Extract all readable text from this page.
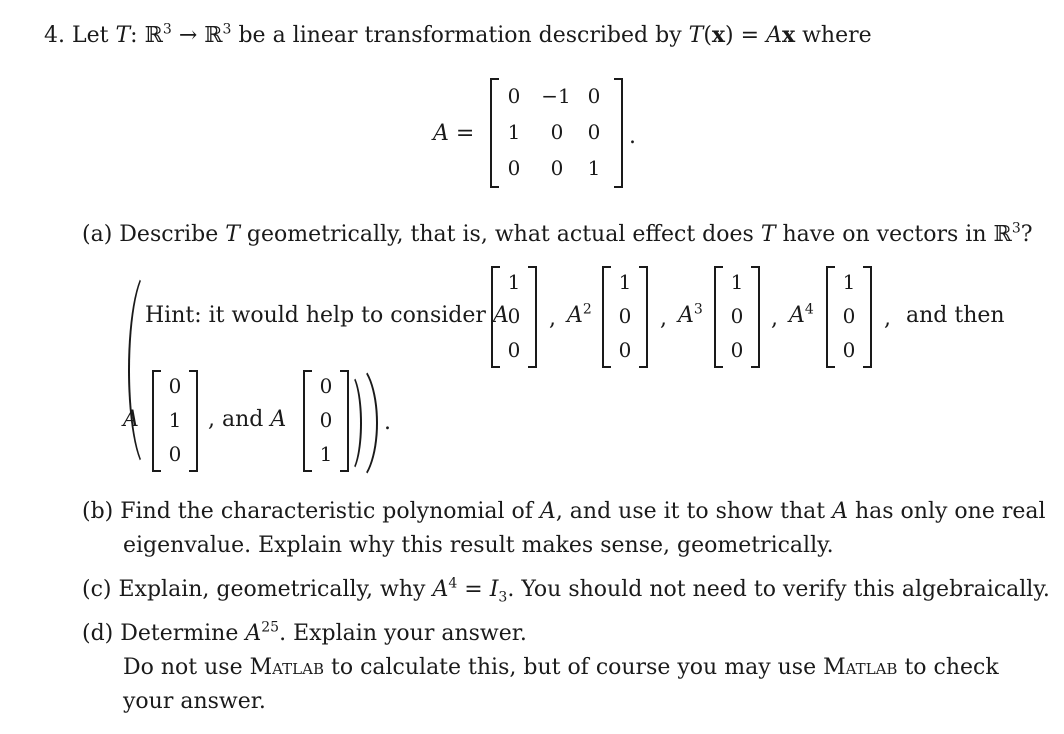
4. Let T: ℝ$^3$ → ℝ$^3$ be a linear transformation described by T(x) = Ax where
A =
0 −1 0
1 0 0
0 0 1
.
(a) Describe T geometrically, that is, what actual effect does T have on vectors in ℝ$^3$?
Hint: it would help to consider A
1
0
0
, $A^2$
1
0
0
, $A^3$
1
0
0
, $A^4$
1
0
0
, and then
A
0
1
0
, and A
0
0
1
.
(b) Find the characteristic polynomial of A, and use it to show that A has only one real
eigenvalue. Explain why this result makes sense, geometrically.
(c) Explain, geometrically, why $A^4 = I_3$. You should not need to verify this algebraically.
(d) Determine $A^{25}$. Explain your answer.
Do not use Matlab to calculate this, but of course you may use Matlab to check
your answer.
